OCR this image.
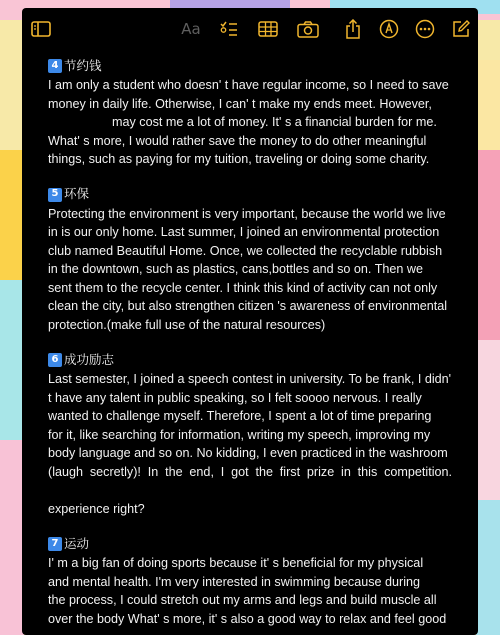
Aa
4 节约钱
I am only a student who doesn' t have regular income, so I need to save
money in daily life. Otherwise, I can' t make my ends meet. However,
may cost me a lot of money. It' s a financial burden for me.
What' s more, I would rather save the money to do other meaningful
things, such as paying for my tuition, traveling or doing some charity.
5 环保
Protecting the environment is very important, because the world we live
in is our only home. Last summer, I joined an environmental protection
club named Beautiful Home. Once, we collected the recyclable rubbish
in the downtown, such as plastics, cans,bottles and so on. Then we
sent them to the recycle center. I think this kind of activity can not only
clean the city, but also strengthen citizen 's awareness of environmental
protection.(make full use of the natural resources)
6 成功励志
Last semester, I joined a speech contest in university. To be frank, I didn'
t have any talent in public speaking, so I felt soooo nervous. I really
wanted to challenge myself. Therefore, I spent a lot of time preparing
for it, like searching for information, writing my speech, improving my
body language and so on. No kidding, I even practiced in the washroom
(laugh secretly)! In the end, I got the first prize in this competition.
experience right?
7 运动
I' m a big fan of doing sports because it' s beneficial for my physical
and mental health. I'm very interested in swimming because during
the process, I could stretch out my arms and legs and build muscle all
over the body What' s more, it' s also a good way to relax and feel good
